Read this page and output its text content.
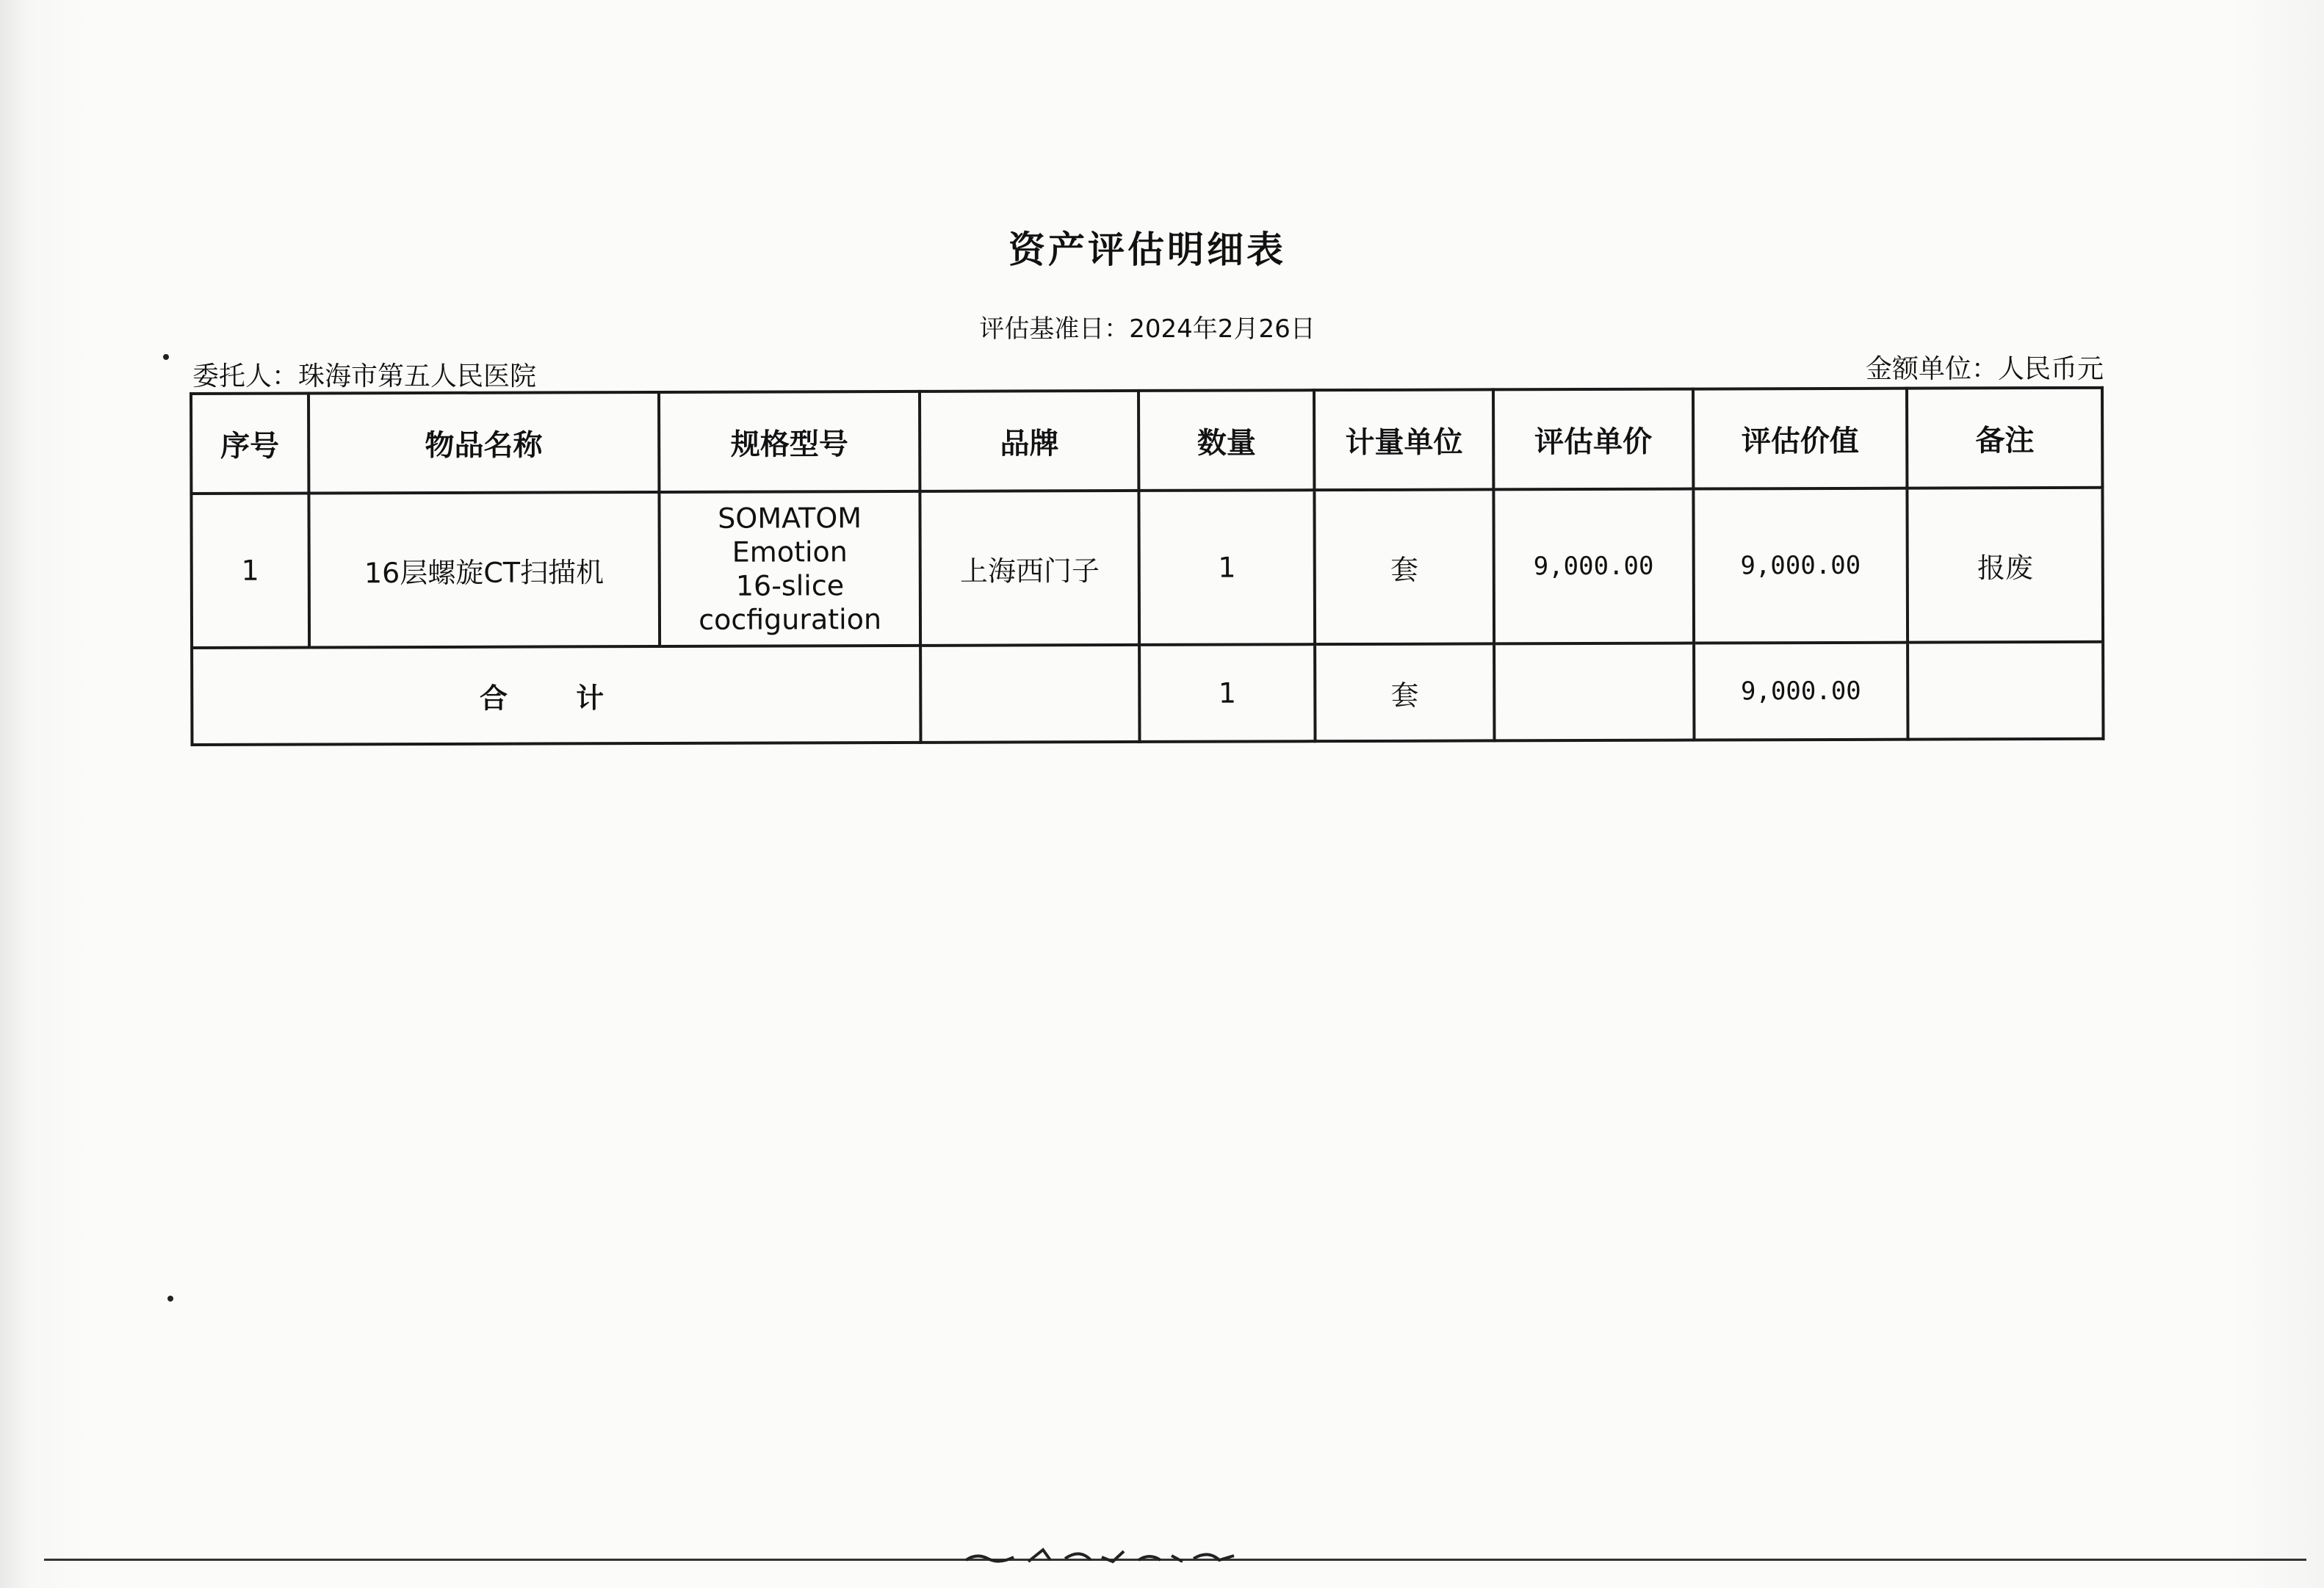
资产评估明细表
评估基准日：2024年2月26日
委托人：珠海市第五人民医院	金额单位：人民币元
序号	物品名称	规格型号	品牌	数量	计量单位	评估单价	评估价值	备注
1	16层螺旋CT扫描机	SOMATOM
Emotion
16-slice
cocfiguration	上海西门子	1	套	9,000.00	9,000.00	报废
合 计				1	套		9,000.00	
